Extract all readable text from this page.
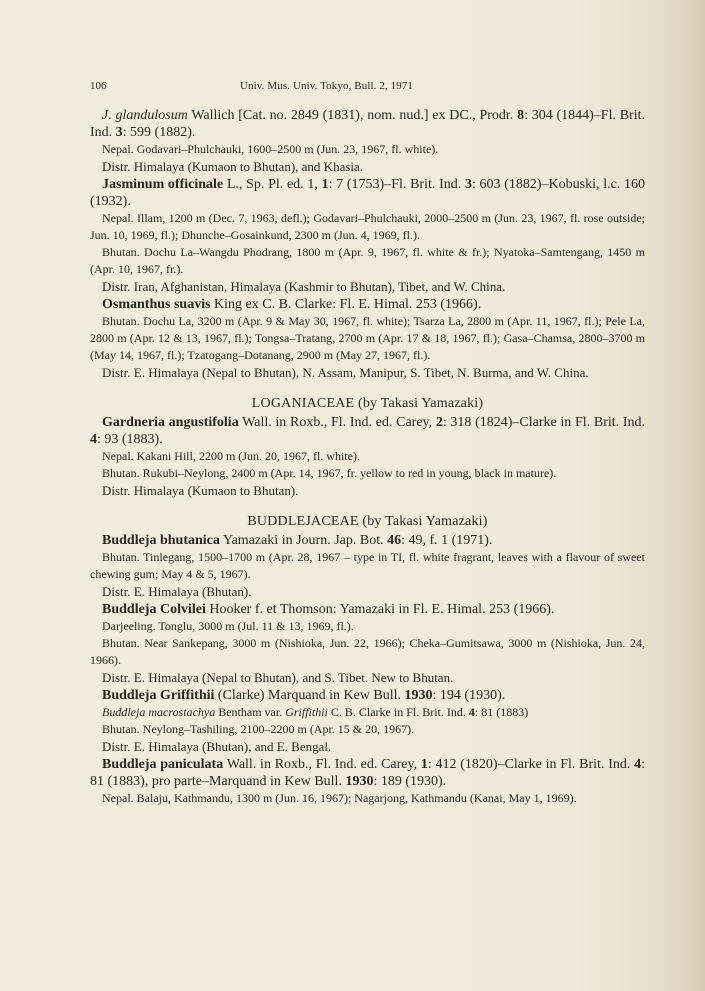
106	Univ. Mus. Univ. Tokyo, Bull. 2, 1971

J. glandulosum Wallich [Cat. no. 2849 (1831), nom. nud.] ex DC., Prodr. 8: 304 (1844)–Fl. Brit. Ind. 3: 599 (1882).

Nepal. Godavari–Phulchauki, 1600–2500 m (Jun. 23, 1967, fl. white).

Distr. Himalaya (Kumaon to Bhutan), and Khasia.

Jasminum officinale L., Sp. Pl. ed. 1, 1: 7 (1753)–Fl. Brit. Ind. 3: 603 (1882)–Kobuski, l.c. 160 (1932).

Nepal. Illam, 1200 m (Dec. 7, 1963, defl.); Godavari–Phulchauki, 2000–2500 m (Jun. 23, 1967, fl. rose outside; Jun. 10, 1969, fl.); Dhunche–Gosainkund, 2300 m (Jun. 4, 1969, fl.).

Bhutan. Dochu La–Wangdu Phodrang, 1800 m (Apr. 9, 1967, fl. white & fr.); Nyatoka–Samtengang, 1450 m (Apr. 10, 1967, fr.).

Distr. Iran, Afghanistan, Himalaya (Kashmir to Bhutan), Tibet, and W. China.

Osmanthus suavis King ex C. B. Clarke: Fl. E. Himal. 253 (1966).

Bhutan. Dochu La, 3200 m (Apr. 9 & May 30, 1967, fl. white); Tsarza La, 2800 m (Apr. 11, 1967, fl.); Pele La, 2800 m (Apr. 12 & 13, 1967, fl.); Tongsa–Tratang, 2700 m (Apr. 17 & 18, 1967, fl.); Gasa–Chamsa, 2800–3700 m (May 14, 1967, fl.); Tzatogang–Dotanang, 2900 m (May 27, 1967, fl.).

Distr. E. Himalaya (Nepal to Bhutan), N. Assam, Manipur, S. Tibet, N. Burma, and W. China.

LOGANIACEAE (by Takasi Yamazaki)

Gardneria angustifolia Wall. in Roxb., Fl. Ind. ed. Carey, 2: 318 (1824)–Clarke in Fl. Brit. Ind. 4: 93 (1883).

Nepal. Kakani Hill, 2200 m (Jun. 20, 1967, fl. white).

Bhutan. Rukubi–Neylong, 2400 m (Apr. 14, 1967, fr. yellow to red in young, black in mature).

Distr. Himalaya (Kumaon to Bhutan).

BUDDLEJACEAE (by Takasi Yamazaki)

Buddleja bhutanica Yamazaki in Journ. Jap. Bot. 46: 49, f. 1 (1971).

Bhutan. Tinlegang, 1500–1700 m (Apr. 28, 1967 – type in TI, fl. white fragrant, leaves with a flavour of sweet chewing gum; May 4 & 5, 1967).

Distr. E. Himalaya (Bhutan).

Buddleja Colvilei Hooker f. et Thomson: Yamazaki in Fl. E. Himal. 253 (1966).

Darjeeling. Tonglu, 3000 m (Jul. 11 & 13, 1969, fl.).

Bhutan. Near Sankepang, 3000 m (Nishioka, Jun. 22, 1966); Cheka–Gumitsawa, 3000 m (Nishioka, Jun. 24, 1966).

Distr. E. Himalaya (Nepal to Bhutan), and S. Tibet. New to Bhutan.

Buddleja Griffithii (Clarke) Marquand in Kew Bull. 1930: 194 (1930).

Buddleja macrostachya Bentham var. Griffithii C. B. Clarke in Fl. Brit. Ind. 4: 81 (1883)

Bhutan. Neylong–Tashiling, 2100–2200 m (Apr. 15 & 20, 1967).

Distr. E. Himalaya (Bhutan), and E. Bengal.

Buddleja paniculata Wall. in Roxb., Fl. Ind. ed. Carey, 1: 412 (1820)–Clarke in Fl. Brit. Ind. 4: 81 (1883), pro parte–Marquand in Kew Bull. 1930: 189 (1930).

Nepal. Balaju, Kathmandu, 1300 m (Jun. 16, 1967); Nagarjong, Kathmandu (Kanai, May 1, 1969).
